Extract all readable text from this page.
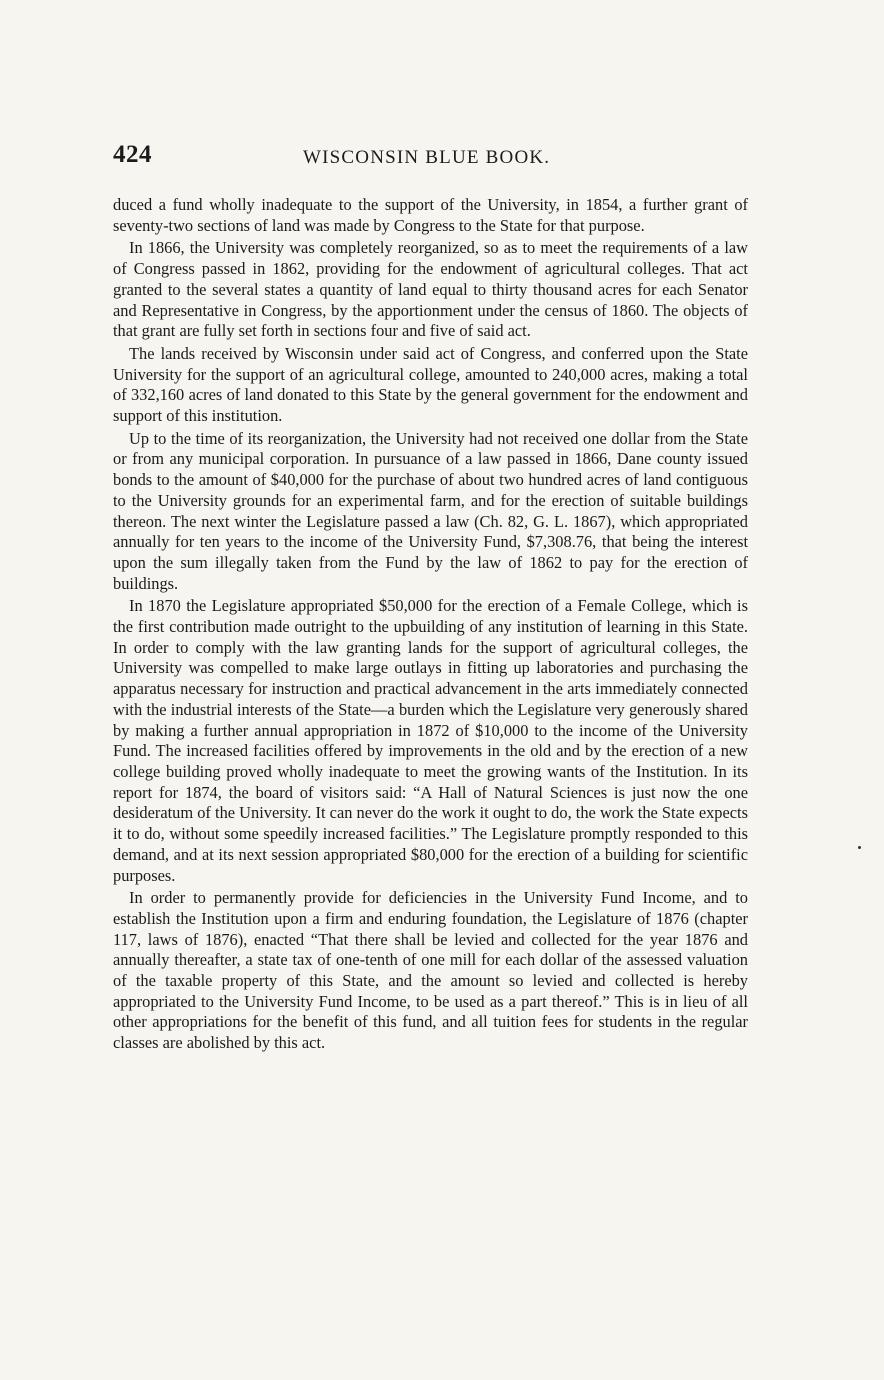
424	WISCONSIN BLUE BOOK.

duced a fund wholly inadequate to the support of the University, in 1854, a further grant of seventy-two sections of land was made by Congress to the State for that purpose.

In 1866, the University was completely reorganized, so as to meet the requirements of a law of Congress passed in 1862, providing for the endowment of agricultural colleges. That act granted to the several states a quantity of land equal to thirty thousand acres for each Senator and Representative in Congress, by the apportionment under the census of 1860. The objects of that grant are fully set forth in sections four and five of said act.

The lands received by Wisconsin under said act of Congress, and conferred upon the State University for the support of an agricultural college, amounted to 240,000 acres, making a total of 332,160 acres of land donated to this State by the general government for the endowment and support of this institution.

Up to the time of its reorganization, the University had not received one dollar from the State or from any municipal corporation. In pursuance of a law passed in 1866, Dane county issued bonds to the amount of $40,000 for the purchase of about two hundred acres of land contiguous to the University grounds for an experimental farm, and for the erection of suitable buildings thereon. The next winter the Legislature passed a law (Ch. 82, G. L. 1867), which appropriated annually for ten years to the income of the University Fund, $7,308.76, that being the interest upon the sum illegally taken from the Fund by the law of 1862 to pay for the erection of buildings.

In 1870 the Legislature appropriated $50,000 for the erection of a Female College, which is the first contribution made outright to the upbuilding of any institution of learning in this State. In order to comply with the law granting lands for the support of agricultural colleges, the University was compelled to make large outlays in fitting up laboratories and purchasing the apparatus necessary for instruction and practical advancement in the arts immediately connected with the industrial interests of the State—a burden which the Legislature very generously shared by making a further annual appropriation in 1872 of $10,000 to the income of the University Fund. The increased facilities offered by improvements in the old and by the erection of a new college building proved wholly inadequate to meet the growing wants of the Institution. In its report for 1874, the board of visitors said: “A Hall of Natural Sciences is just now the one desideratum of the University. It can never do the work it ought to do, the work the State expects it to do, without some speedily increased facilities.” The Legislature promptly responded to this demand, and at its next session appropriated $80,000 for the erection of a building for scientific purposes.

In order to permanently provide for deficiencies in the University Fund Income, and to establish the Institution upon a firm and enduring foundation, the Legislature of 1876 (chapter 117, laws of 1876), enacted “That there shall be levied and collected for the year 1876 and annually thereafter, a state tax of one-tenth of one mill for each dollar of the assessed valuation of the taxable property of this State, and the amount so levied and collected is hereby appropriated to the University Fund Income, to be used as a part thereof.” This is in lieu of all other appropriations for the benefit of this fund, and all tuition fees for students in the regular classes are abolished by this act.
